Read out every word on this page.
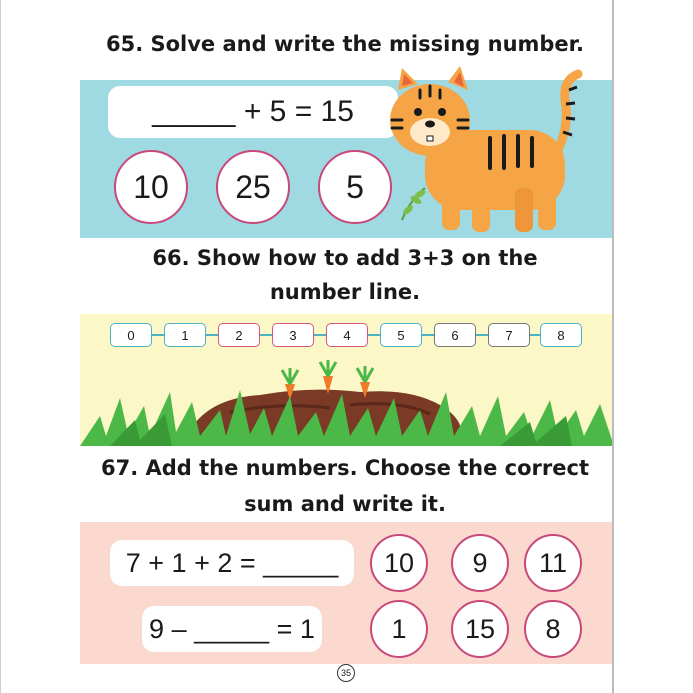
65. Solve and write the missing number.
_____ + 5 = 15
10	25	5
66. Show how to add 3+3 on the
number line.
0	1	2	3	4	5	6	7	8
67. Add the numbers. Choose the correct
sum and write it.
7 + 1 + 2 = _____
9 – _____ = 1
10	9	11
1	15	8
35
